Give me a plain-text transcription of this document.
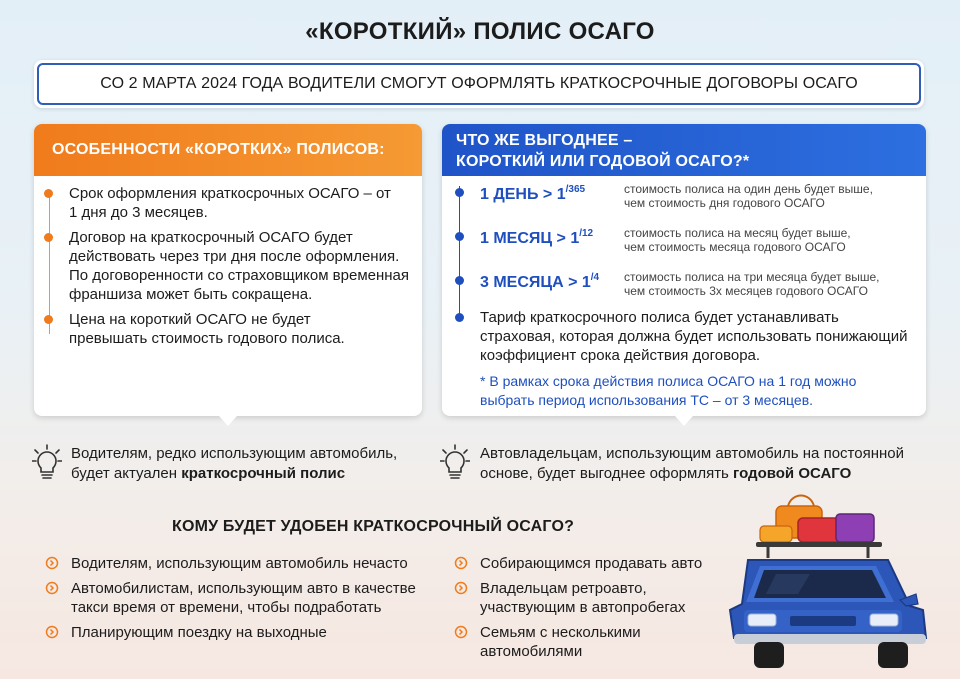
«КОРОТКИЙ» ПОЛИС ОСАГО
СО 2 МАРТА 2024 ГОДА ВОДИТЕЛИ СМОГУТ ОФОРМЛЯТЬ КРАТКОСРОЧНЫЕ ДОГОВОРЫ ОСАГО
ОСОБЕННОСТИ «КОРОТКИХ» ПОЛИСОВ:
Срок оформления краткосрочных ОСАГО – от 1 дня до 3 месяцев.
Договор на краткосрочный ОСАГО будет действовать через три дня после оформления. По договоренности со страховщиком временная франшиза может быть сокращена.
Цена на короткий ОСАГО не будет превышать стоимость годового полиса.
ЧТО ЖЕ ВЫГОДНЕЕ –
КОРОТКИЙ ИЛИ ГОДОВОЙ ОСАГО?*
1 ДЕНЬ > $1^{/365}$	стоимость полиса на один день будет выше,
чем стоимость дня годового ОСАГО
1 МЕСЯЦ > $1^{/12}$	стоимость полиса на месяц будет выше,
чем стоимость месяца годового ОСАГО
3 МЕСЯЦА > $1^{/4}$ стоимость полиса на три месяца будет выше,
чем стоимость 3х месяцев годового ОСАГО
Тариф краткосрочного полиса будет устанавливать страховая, которая должна будет использовать понижающий коэффициент срока действия договора.
* В рамках срока действия полиса ОСАГО на 1 год можно выбрать период использования ТС – от 3 месяцев.
Водителям, редко использующим автомобиль, будет актуален краткосрочный полис
Автовладельцам, использующим автомобиль на постоянной основе, будет выгоднее оформлять годовой ОСАГО
КОМУ БУДЕТ УДОБЕН КРАТКОСРОЧНЫЙ ОСАГО?
Водителям, использующим автомобиль нечасто
Автомобилистам, использующим авто в качестве такси время от времени, чтобы подработать
Планирующим поездку на выходные
Собирающимся продавать авто
Владельцам ретроавто, участвующим в автопробегах
Семьям с несколькими автомобилями
